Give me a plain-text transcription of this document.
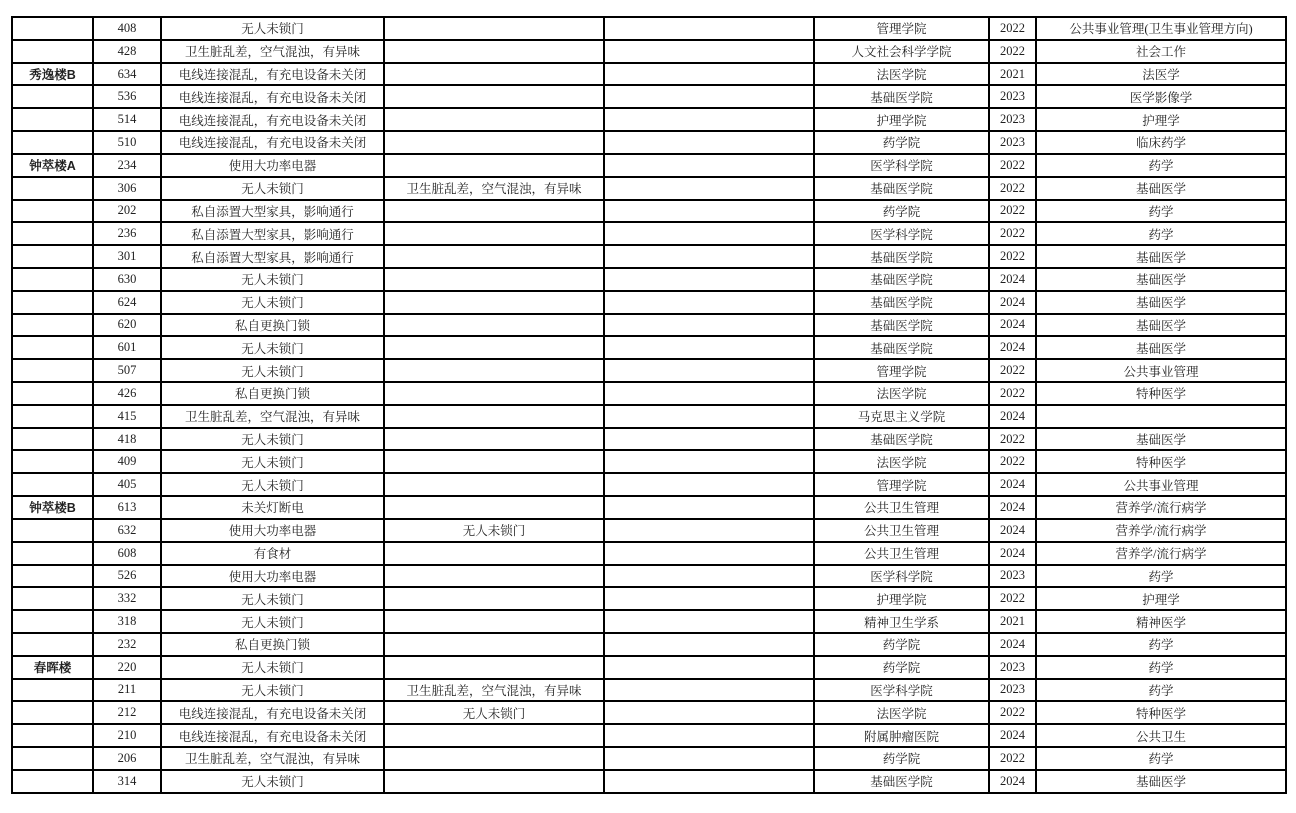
	408	无人未锁门			管理学院	2022	公共事业管理(卫生事业管理方向)
	428	卫生脏乱差，空气混浊，有异味			人文社会科学学院	2022	社会工作
秀逸楼B	634	电线连接混乱，有充电设备未关闭			法医学院	2021	法医学
	536	电线连接混乱，有充电设备未关闭			基础医学院	2023	医学影像学
	514	电线连接混乱，有充电设备未关闭			护理学院	2023	护理学
	510	电线连接混乱，有充电设备未关闭			药学院	2023	临床药学
钟萃楼A	234	使用大功率电器			医学科学院	2022	药学
	306	无人未锁门	卫生脏乱差，空气混浊，有异味		基础医学院	2022	基础医学
	202	私自添置大型家具，影响通行			药学院	2022	药学
	236	私自添置大型家具，影响通行			医学科学院	2022	药学
	301	私自添置大型家具，影响通行			基础医学院	2022	基础医学
	630	无人未锁门			基础医学院	2024	基础医学
	624	无人未锁门			基础医学院	2024	基础医学
	620	私自更换门锁			基础医学院	2024	基础医学
	601	无人未锁门			基础医学院	2024	基础医学
	507	无人未锁门			管理学院	2022	公共事业管理
	426	私自更换门锁			法医学院	2022	特种医学
	415	卫生脏乱差，空气混浊，有异味			马克思主义学院	2024	
	418	无人未锁门			基础医学院	2022	基础医学
	409	无人未锁门			法医学院	2022	特种医学
	405	无人未锁门			管理学院	2024	公共事业管理
钟萃楼B	613	未关灯断电			公共卫生管理	2024	营养学/流行病学
	632	使用大功率电器	无人未锁门		公共卫生管理	2024	营养学/流行病学
	608	有食材			公共卫生管理	2024	营养学/流行病学
	526	使用大功率电器			医学科学院	2023	药学
	332	无人未锁门			护理学院	2022	护理学
	318	无人未锁门			精神卫生学系	2021	精神医学
	232	私自更换门锁			药学院	2024	药学
春晖楼	220	无人未锁门			药学院	2023	药学
	211	无人未锁门	卫生脏乱差，空气混浊，有异味		医学科学院	2023	药学
	212	电线连接混乱，有充电设备未关闭	无人未锁门		法医学院	2022	特种医学
	210	电线连接混乱，有充电设备未关闭			附属肿瘤医院	2024	公共卫生
	206	卫生脏乱差，空气混浊，有异味			药学院	2022	药学
	314	无人未锁门			基础医学院	2024	基础医学
